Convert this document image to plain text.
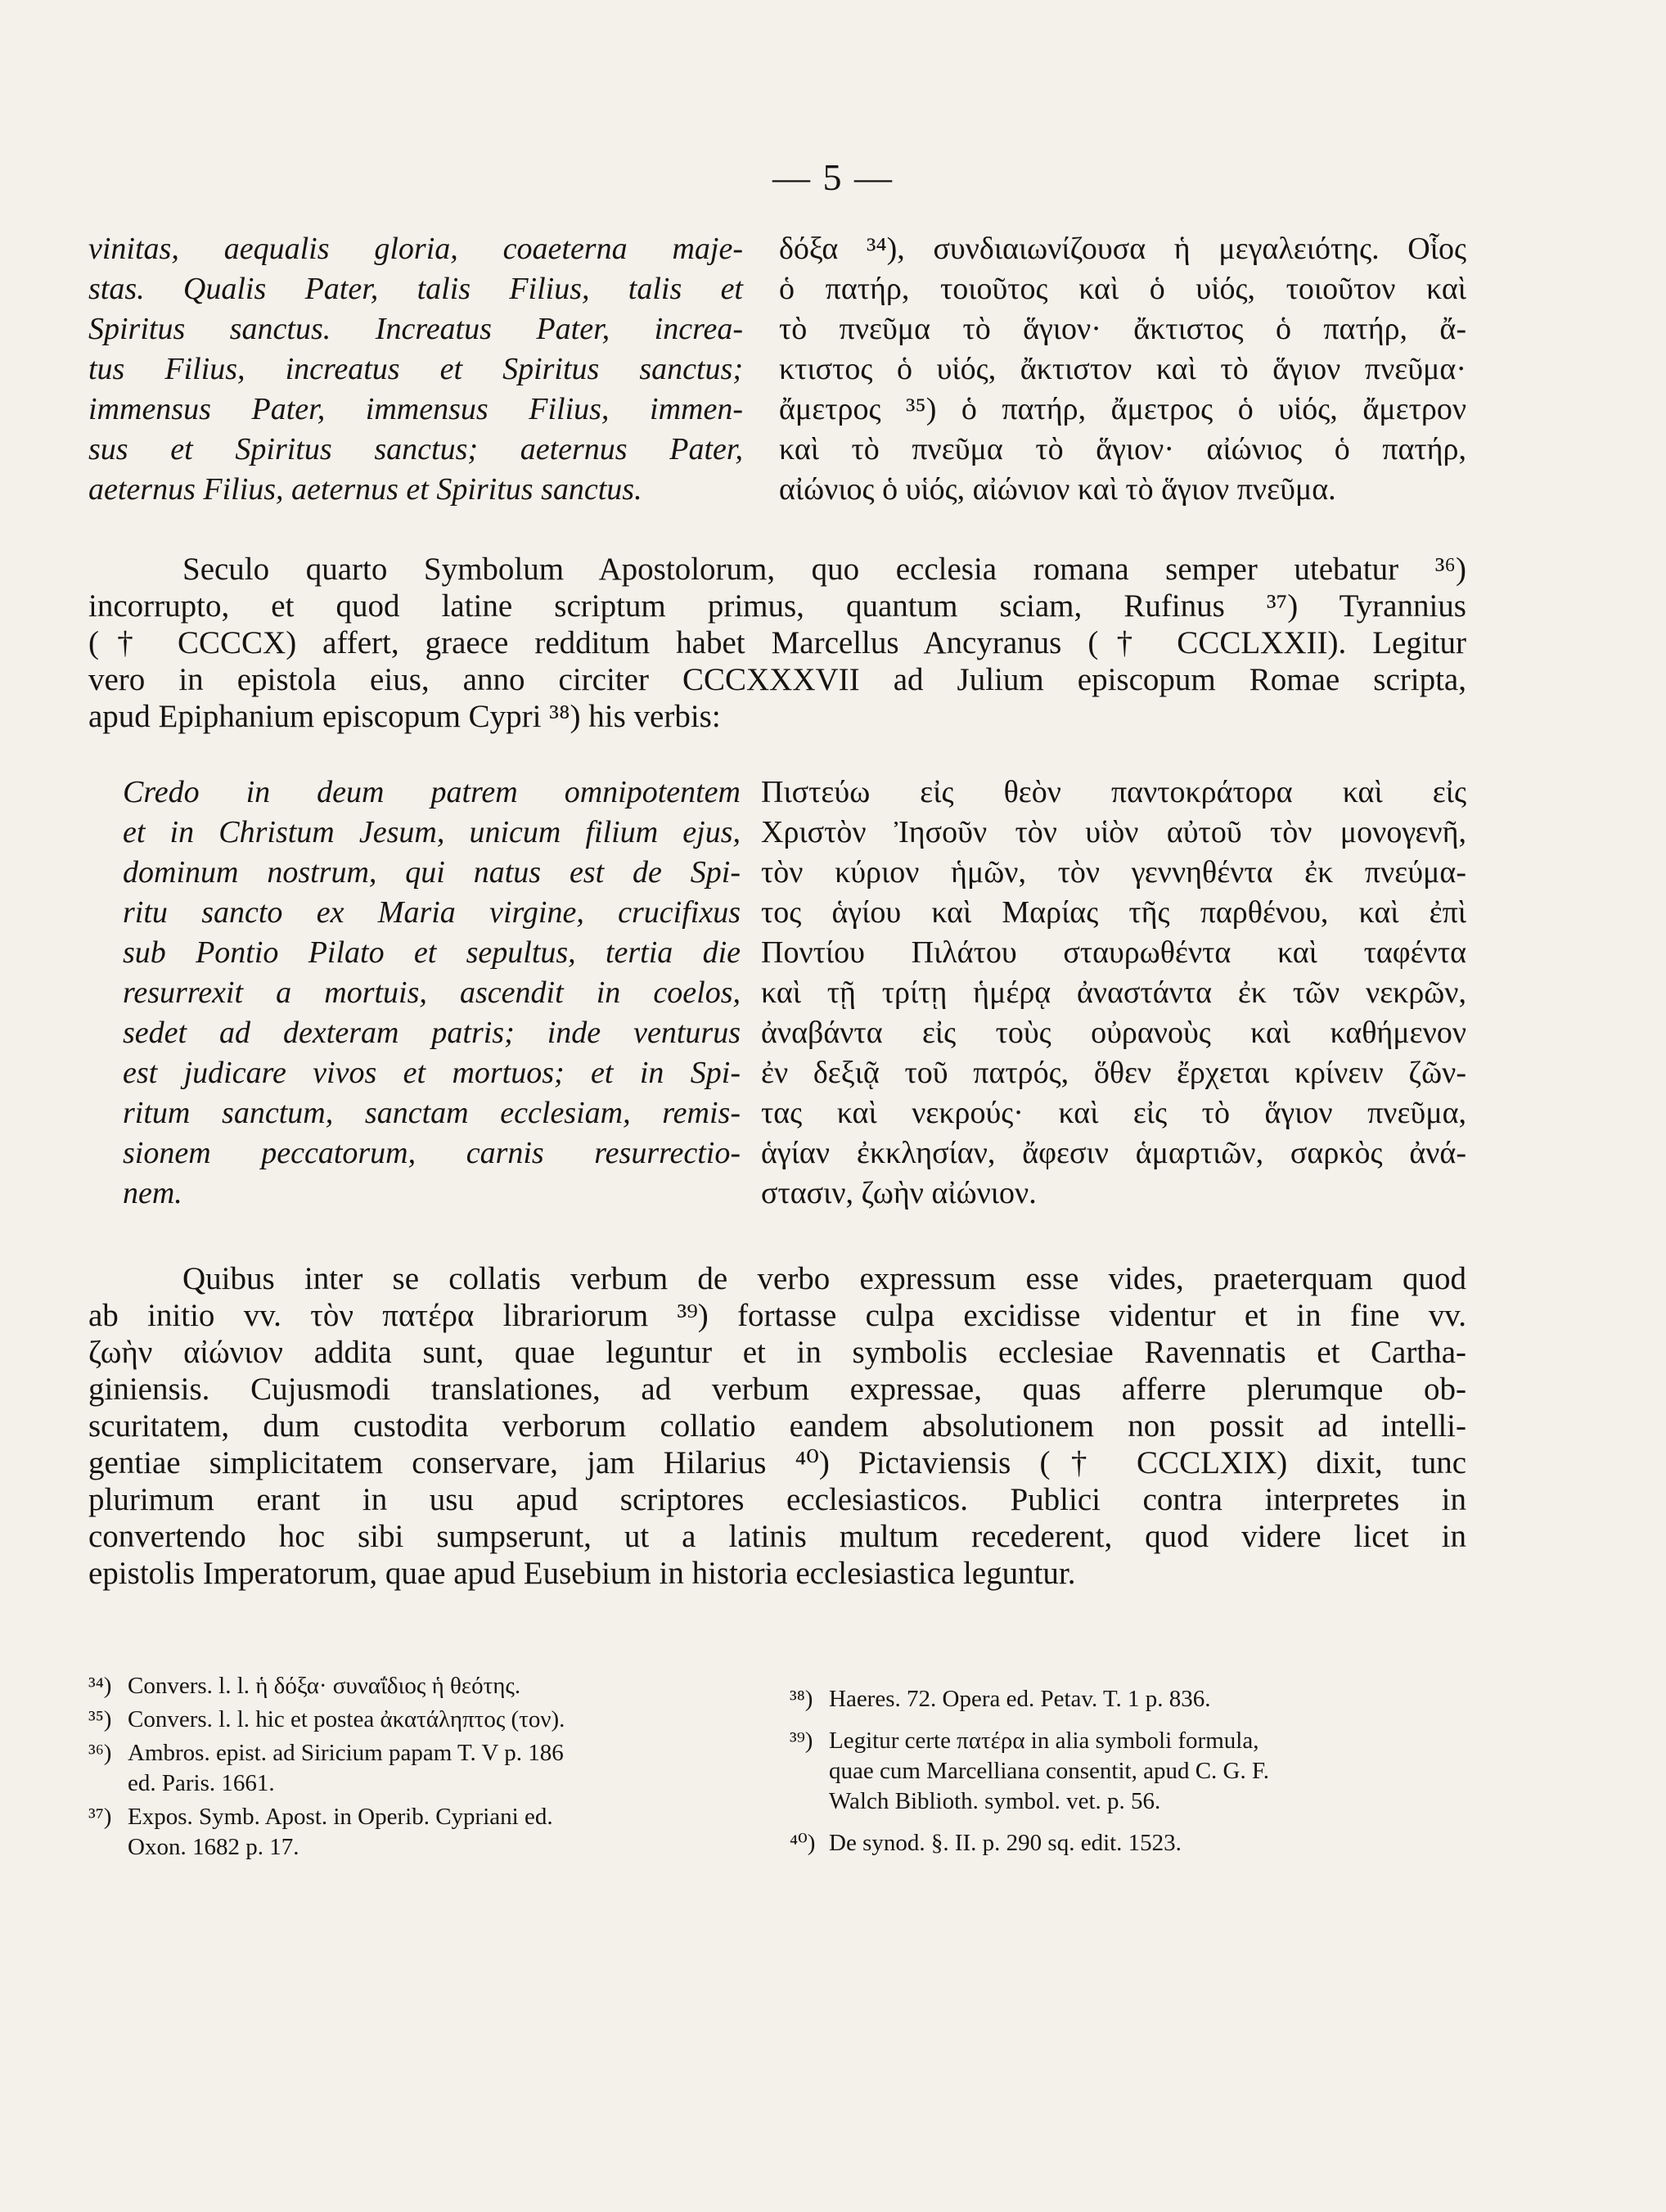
— 5 —
vinitas, aequalis gloria, coaeterna maje-
stas. Qualis Pater, talis Filius, talis et
Spiritus sanctus. Increatus Pater, increa-
tus Filius, increatus et Spiritus sanctus;
immensus Pater, immensus Filius, immen-
sus et Spiritus sanctus; aeternus Pater,
aeternus Filius, aeternus et Spiritus sanctus.
δόξα ³⁴), συνδιαιωνίζουσα ἡ μεγαλειότης. Οἷος
ὁ πατήρ, τοιοῦτος καὶ ὁ υἱός, τοιοῦτον καὶ
τὸ πνεῦμα τὸ ἅγιον· ἄκτιστος ὁ πατήρ, ἄ-
κτιστος ὁ υἱός, ἄκτιστον καὶ τὸ ἅγιον πνεῦμα·
ἄμετρος ³⁵) ὁ πατήρ, ἄμετρος ὁ υἱός, ἄμετρον
καὶ τὸ πνεῦμα τὸ ἅγιον· αἰώνιος ὁ πατήρ,
αἰώνιος ὁ υἱός, αἰώνιον καὶ τὸ ἅγιον πνεῦμα.
Seculo quarto Symbolum Apostolorum, quo ecclesia romana semper utebatur ³⁶)
incorrupto, et quod latine scriptum primus, quantum sciam, Rufinus ³⁷) Tyrannius
(† CCCCX) affert, graece redditum habet Marcellus Ancyranus († CCCLXXII). Legitur
vero in epistola eius, anno circiter CCCXXXVII ad Julium episcopum Romae scripta,
apud Epiphanium episcopum Cypri ³⁸) his verbis:
Credo in deum patrem omnipotentem
et in Christum Jesum, unicum filium ejus,
dominum nostrum, qui natus est de Spi-
ritu sancto ex Maria virgine, crucifixus
sub Pontio Pilato et sepultus, tertia die
resurrexit a mortuis, ascendit in coelos,
sedet ad dexteram patris; inde venturus
est judicare vivos et mortuos; et in Spi-
ritum sanctum, sanctam ecclesiam, remis-
sionem peccatorum, carnis resurrectio-
nem.
Πιστεύω εἰς θεὸν παντοκράτορα καὶ εἰς
Χριστὸν Ἰησοῦν τὸν υἱὸν αὐτοῦ τὸν μονογενῆ,
τὸν κύριον ἡμῶν, τὸν γεννηθέντα ἐκ πνεύμα-
τος ἁγίου καὶ Μαρίας τῆς παρθένου, καὶ ἐπὶ
Ποντίου Πιλάτου σταυρωθέντα καὶ ταφέντα
καὶ τῇ τρίτῃ ἡμέρᾳ ἀναστάντα ἐκ τῶν νεκρῶν,
ἀναβάντα εἰς τοὺς οὐρανοὺς καὶ καθήμενον
ἐν δεξιᾷ τοῦ πατρός, ὅθεν ἔρχεται κρίνειν ζῶν-
τας καὶ νεκρούς· καὶ εἰς τὸ ἅγιον πνεῦμα,
ἁγίαν ἐκκλησίαν, ἄφεσιν ἁμαρτιῶν, σαρκὸς ἀνά-
στασιν, ζωὴν αἰώνιον.
Quibus inter se collatis verbum de verbo expressum esse vides, praeterquam quod
ab initio vv. τὸν πατέρα librariorum ³⁹) fortasse culpa excidisse videntur et in fine vv.
ζωὴν αἰώνιον addita sunt, quae leguntur et in symbolis ecclesiae Ravennatis et Cartha-
giniensis. Cujusmodi translationes, ad verbum expressae, quas afferre plerumque ob-
scuritatem, dum custodita verborum collatio eandem absolutionem non possit ad intelli-
gentiae simplicitatem conservare, jam Hilarius ⁴⁰) Pictaviensis († CCCLXIX) dixit, tunc
plurimum erant in usu apud scriptores ecclesiasticos. Publici contra interpretes in
convertendo hoc sibi sumpserunt, ut a latinis multum recederent, quod videre licet in
epistolis Imperatorum, quae apud Eusebium in historia ecclesiastica leguntur.
³⁴) Convers. l. l. ἡ δόξα· συναΐδιος ἡ θεότης.
³⁵) Convers. l. l. hic et postea ἀκατάληπτος (τον).
³⁶) Ambros. epist. ad Siricium papam T. V p. 186
ed. Paris. 1661.
³⁷) Expos. Symb. Apost. in Operib. Cypriani ed.
Oxon. 1682 p. 17.
³⁸) Haeres. 72. Opera ed. Petav. T. 1 p. 836.
³⁹) Legitur certe πατέρα in alia symboli formula,
quae cum Marcelliana consentit, apud C. G. F.
Walch Biblioth. symbol. vet. p. 56.
⁴⁰) De synod. §. II. p. 290 sq. edit. 1523.
